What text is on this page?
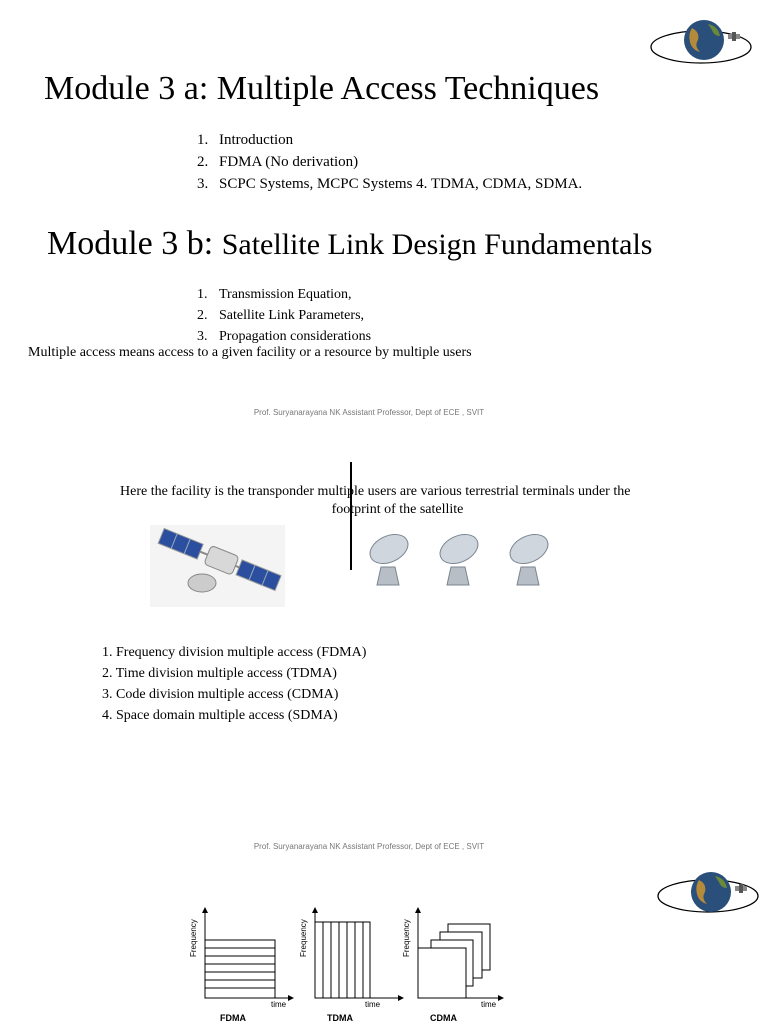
Module 3 a: Multiple Access Techniques
1. Introduction
2. FDMA (No derivation)
3. SCPC Systems, MCPC Systems 4. TDMA, CDMA, SDMA.
Module 3 b: Satellite Link Design Fundamentals
1. Transmission Equation,
2. Satellite Link Parameters,
3. Propagation considerations
Multiple access means access to a given facility or a resource by multiple users
Prof. Suryanarayana NK Assistant Professor, Dept of ECE , SVIT
Here the facility is the transponder multiple users are various terrestrial terminals under the
footprint of the satellite
1. Frequency division multiple access (FDMA)
2. Time division multiple access (TDMA)
3. Code division multiple access (CDMA)
4. Space domain multiple access (SDMA)
Prof. Suryanarayana NK Assistant Professor, Dept of ECE , SVIT
Frequency
time
FDMA
Frequency
time
TDMA
Frequency
time
CDMA
